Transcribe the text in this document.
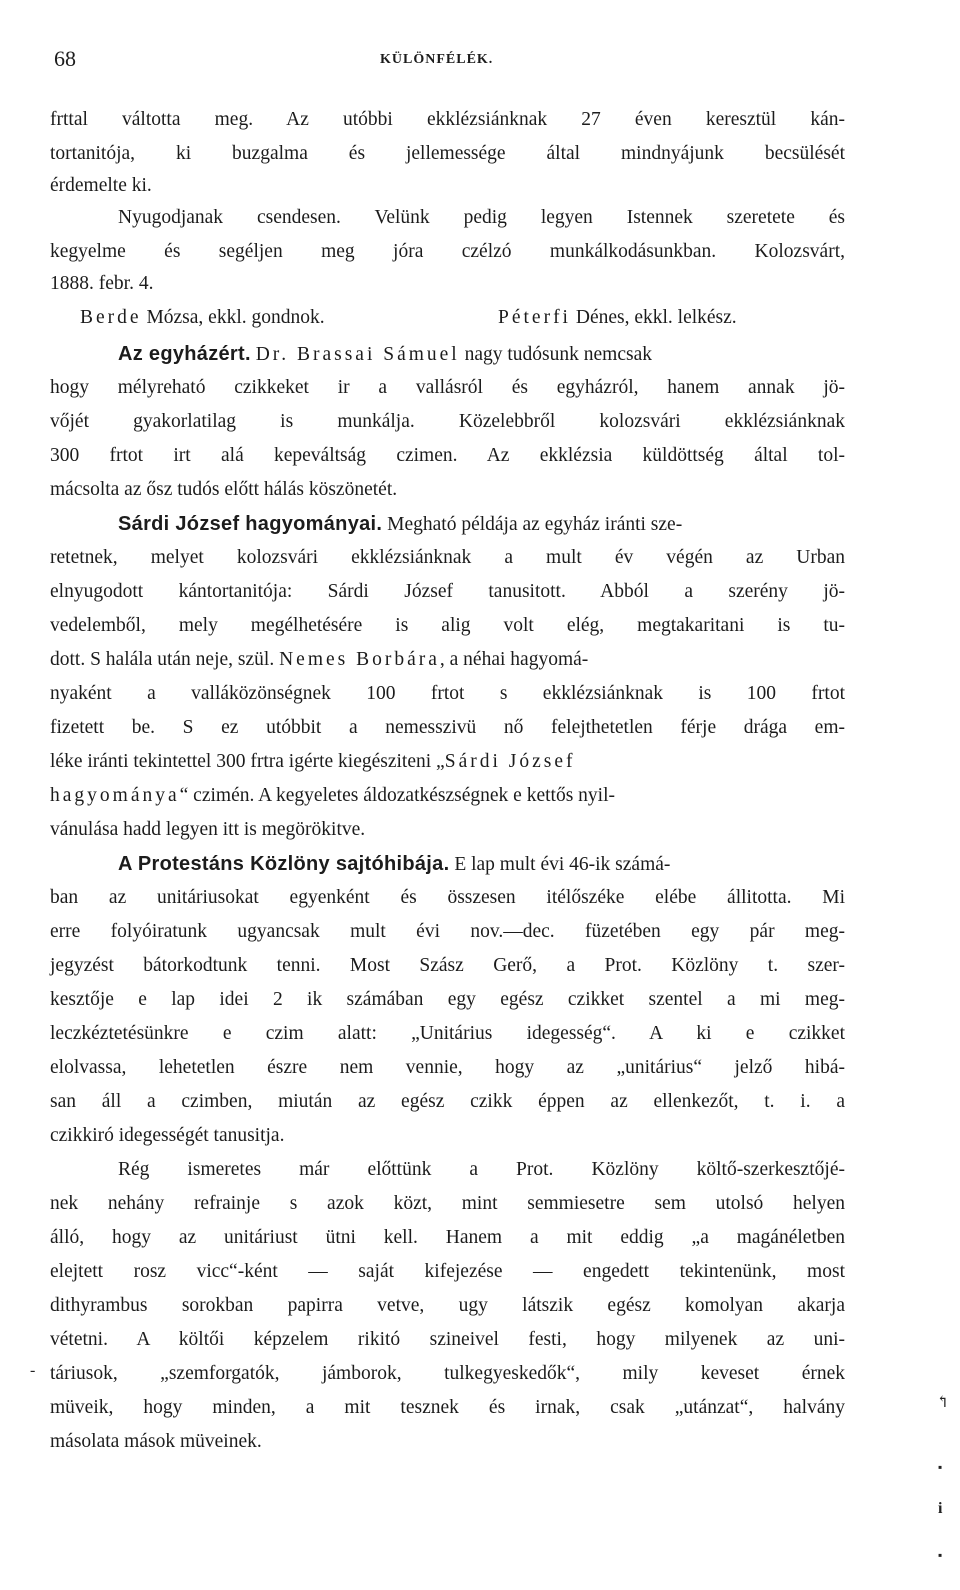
68	KÜLÖNFÉLÉK.
frttal váltotta meg. Az utóbbi ekklézsiánknak 27 éven keresztül kán-
tortanitója, ki buzgalma és jellemessége által mindnyájunk becsülését
érdemelte ki.
Nyugodjanak csendesen. Velünk pedig legyen Istennek szeretete és
kegyelme és segéljen meg jóra czélzó munkálkodásunkban. Kolozsvárt,
1888. febr. 4.
Berde Mózsa, ekkl. gondnok.	Péterfi Dénes, ekkl. lelkész.
Az egyházért. Dr. Brassai Sámuel nagy tudósunk nemcsak
hogy mélyreható czikkeket ir a vallásról és egyházról, hanem annak jö-
vőjét gyakorlatilag is munkálja. Közelebbről kolozsvári ekklézsiánknak
300 frtot irt alá kepeváltság czimen. Az ekklézsia küldöttség által tol-
mácsolta az ősz tudós előtt hálás köszönetét.
Sárdi József hagyományai. Megható példája az egyház iránti sze-
retetnek, melyet kolozsvári ekklézsiánknak a mult év végén az Urban
elnyugodott kántortanitója: Sárdi József tanusitott. Abból a szerény jö-
vedelemből, mely megélhetésére is alig volt elég, megtakaritani is tu-
dott. S halála után neje, szül. Nemes Borbára, a néhai hagyomá-
nyaként a valláközönségnek 100 frtot s ekklézsiánknak is 100 frtot
fizetett be. S ez utóbbit a nemesszivü nő felejthetetlen férje drága em-
léke iránti tekintettel 300 frtra igérte kiegésziteni „Sárdi József
hagyománya“ czimén. A kegyeletes áldozatkészségnek e kettős nyil-
vánulása hadd legyen itt is megörökitve.
A Protestáns Közlöny sajtóhibája. E lap mult évi 46-ik számá-
ban az unitáriusokat egyenként és összesen itélőszéke elébe állitotta. Mi
erre folyóiratunk ugyancsak mult évi nov.—dec. füzetében egy pár meg-
jegyzést bátorkodtunk tenni. Most Szász Gerő, a Prot. Közlöny t. szer-
kesztője e lap idei 2 ik számában egy egész czikket szentel a mi meg-
leczkéztetésünkre e czim alatt: „Unitárius idegesség“. A ki e czikket
elolvassa, lehetetlen észre nem vennie, hogy az „unitárius“ jelző hibá-
san áll a czimben, miután az egész czikk éppen az ellenkezőt, t. i. a
czikkiró idegességét tanusitja.
Rég ismeretes már előttünk a Prot. Közlöny költő-szerkesztőjé-
nek nehány refrainje s azok közt, mint semmiesetre sem utolsó helyen
álló, hogy az unitáriust ütni kell. Hanem a mit eddig „a magánéletben
elejtett rosz vicc“-ként — saját kifejezése — engedett tekintenünk, most
dithyrambus sorokban papirra vetve, ugy látszik egész komolyan akarja
vétetni. A költői képzelem rikitó szineivel festi, hogy milyenek az uni-
táriusok, „szemforgatók, jámborok, tulkegyeskedők“, mily keveset érnek
müveik, hogy minden, a mit tesznek és irnak, csak „utánzat“, halvány
másolata mások müveinek.
-
↰
▪
i
▪
